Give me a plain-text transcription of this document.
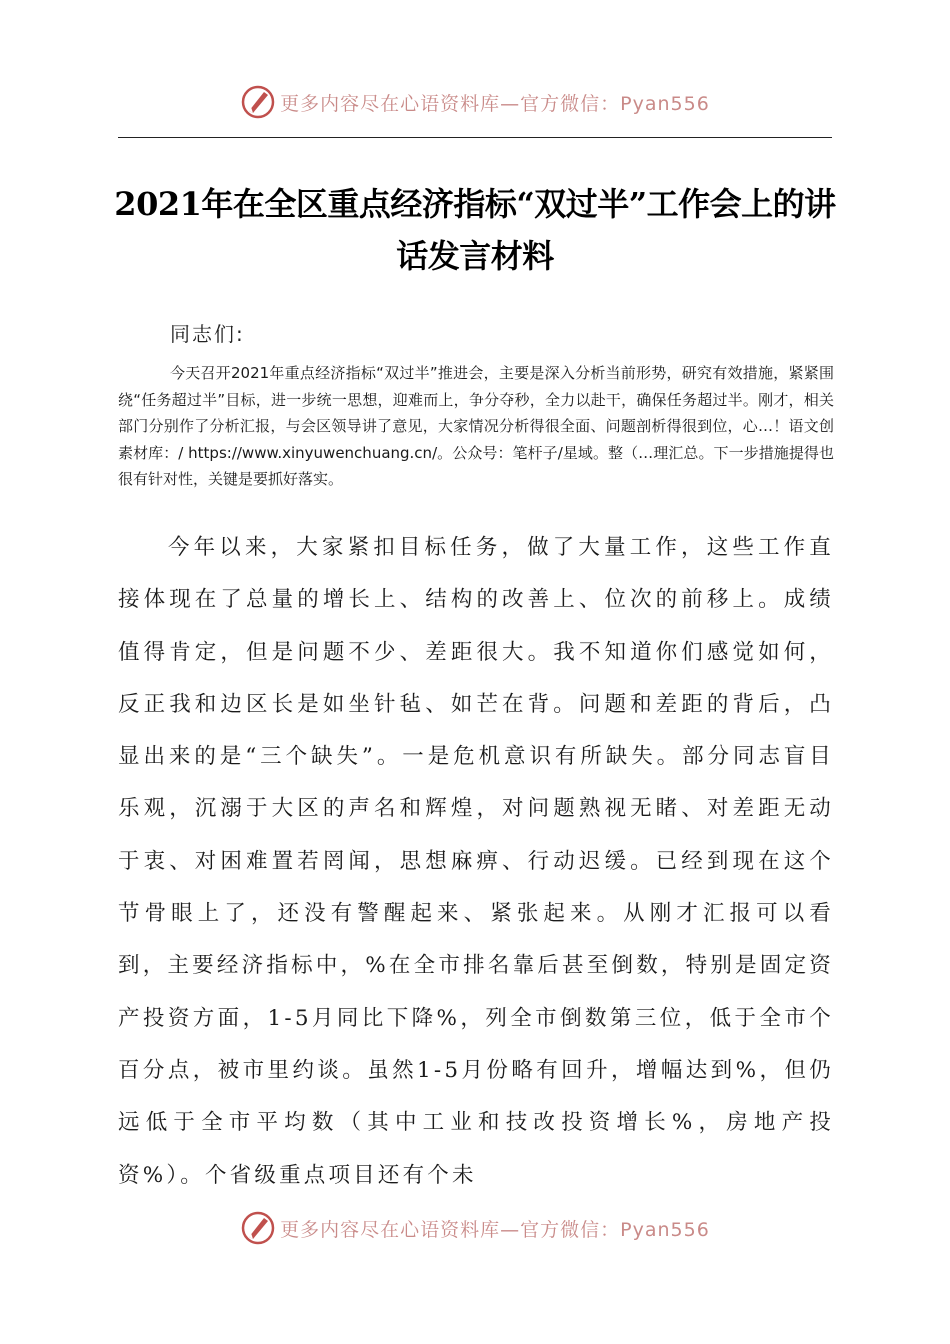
更多内容尽在心语资料库—官方微信：Pyan556
2021年在全区重点经济指标“双过半”工作会上的讲话发言材料
同志们:
今天召开2021年重点经济指标“双过半”推进会，主要是深入分析当前形势，研究有效措施，紧紧围绕“任务超过半”目标，进一步统一思想，迎难而上，争分夺秒，全力以赴干，确保任务超过半。刚才，相关部门分别作了分析汇报，与会区领导讲了意见，大家情况分析得很全面、问题剖析得很到位，心…！语文创素材库：/ https://www.xinyuwenchuang.cn/。公众号：笔杆子/星域。整（…理汇总。下一步措施提得也很有针对性，关键是要抓好落实。
今年以来，大家紧扣目标任务，做了大量工作，这些工作直接体现在了总量的增长上、结构的改善上、位次的前移上。成绩值得肯定，但是问题不少、差距很大。我不知道你们感觉如何，反正我和边区长是如坐针毡、如芒在背。问题和差距的背后，凸显出来的是“三个缺失”。一是危机意识有所缺失。部分同志盲目乐观，沉溺于大区的声名和辉煌，对问题熟视无睹、对差距无动于衷、对困难置若罔闻，思想麻痹、行动迟缓。已经到现在这个节骨眼上了，还没有警醒起来、紧张起来。从刚才汇报可以看到，主要经济指标中，%在全市排名靠后甚至倒数，特别是固定资产投资方面，1-5月同比下降%，列全市倒数第三位，低于全市个百分点，被市里约谈。虽然1-5月份略有回升，增幅达到%，但仍远低于全市平均数（其中工业和技改投资增长%，房地产投资%）。个省级重点项目还有个未
更多内容尽在心语资料库—官方微信：Pyan556
